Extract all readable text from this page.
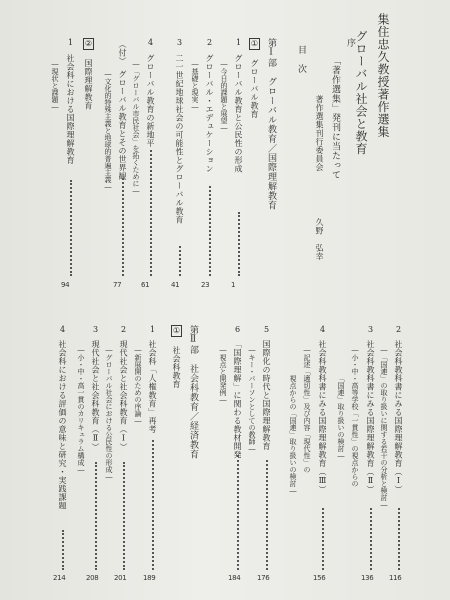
集住忠久教授著作選集
グローバル社会と教育
序
「著作選集」発刊に当たって
著作選集刊行委員会
久野　弘幸
目　次
第Ⅰ部　グローバル教育／国際理解教育
① グローバル教育
1
グローバル教育と公民性の形成
1
―今日的課題と展望―
2
グローバル・エデュケーション
23
―基礎と現実―
3
二一世紀地球社会の可能性とグローバル教育
41
4
グローバル教育の新地平
61
―「グローバル市民社会」を拓くために―
（付）
グローバル教育とその世界観
77
―文化的特殊主義と地球的普遍主義―
② 国際理解教育
1
社会科における国際理解教育
94
―現状と課題―
2
社会科教科書にみる国際理解教育（Ⅰ）
116
―「国連」の取り扱いに関する若干の分析と検討―
3
社会科教科書にみる国際理解教育（Ⅱ）
136
―小・中・高等学校「一貫性」の視点からの
「国連」取り扱いの検討―
4
社会科教科書にみる国際理解教育（Ⅲ）
156
―記述「適切性」及び内容「現代性」の
視点からの「国連」取り扱いの検討―
5
国際化の時代と国際理解教育
176
―キー・パーソンとしての教師―
6
「国際理解」に関わる教材開発
184
―視点と開発例―
第Ⅱ部　社会科教育／経済教育
① 社会科教育
1
社会科「人権教育」再考
189
―新展開のための序論―
2
現代社会と社会科教育（Ⅰ）
201
―グローバル社会における公民性の形成―
3
現代社会と社会科教育（Ⅱ）
208
―小・中・高一貫のカリキュラム構成―
4
社会科における評価の意味と研究・実践課題
214
